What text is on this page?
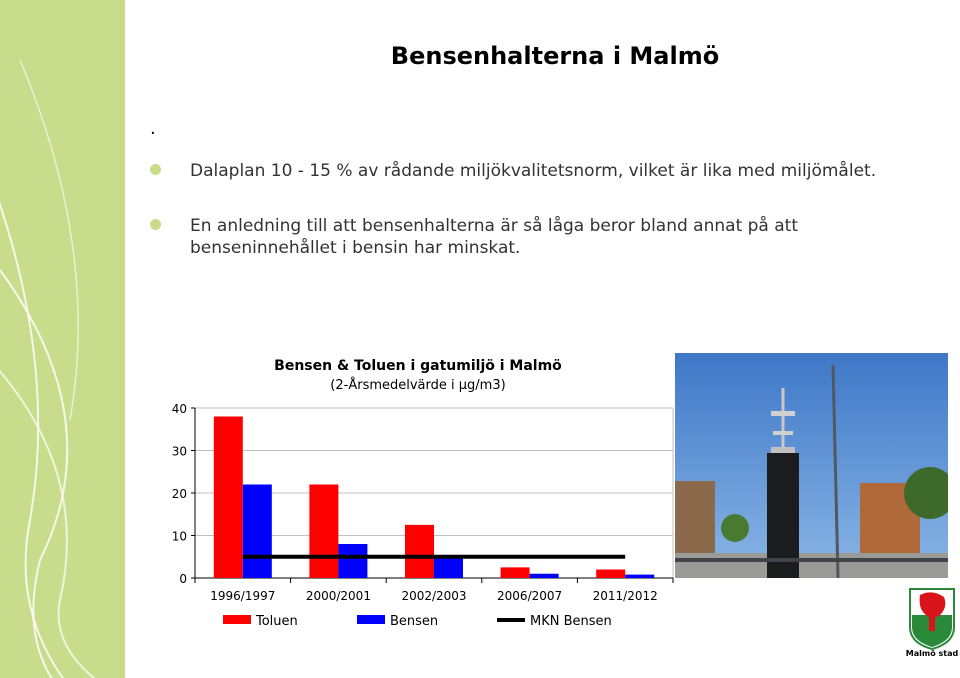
Bensenhalterna i Malmö
.
Dalaplan 10 - 15 % av rådande miljökvalitetsnorm, vilket är lika med miljömålet.
En anledning till att bensenhalterna är så låga beror bland annat på att benseninnehållet i bensin har minskat.
Bensen & Toluen i gatumiljö i Malmö
(2-Årsmedelvärde i µg/m3)
0
10
20
30
40
1996/1997	2000/2001	2002/2003	2006/2007	2011/2012
Toluen	Bensen	MKN Bensen
Malmö stad
